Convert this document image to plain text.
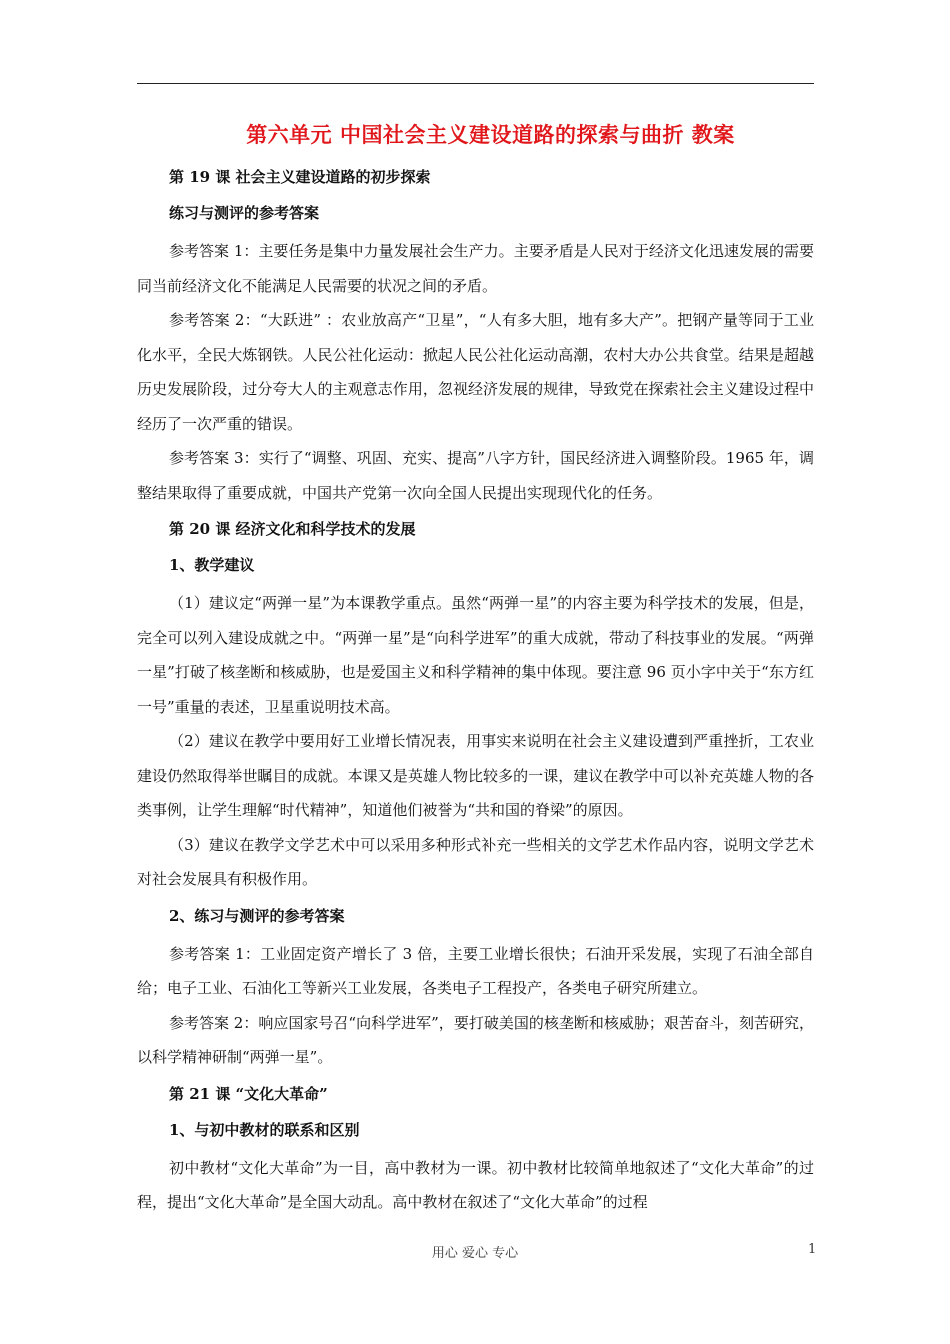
第六单元 中国社会主义建设道路的探索与曲折 教案
第 19 课 社会主义建设道路的初步探索
练习与测评的参考答案

参考答案 1：主要任务是集中力量发展社会生产力。主要矛盾是人民对于经济文化迅速发展的需要同当前经济文化不能满足人民需要的状况之间的矛盾。

参考答案 2：“大跃进” ：农业放高产“卫星”，“人有多大胆，地有多大产”。把钢产量等同于工业化水平，全民大炼钢铁。人民公社化运动：掀起人民公社化运动高潮，农村大办公共食堂。结果是超越历史发展阶段，过分夸大人的主观意志作用，忽视经济发展的规律，导致党在探索社会主义建设过程中经历了一次严重的错误。

参考答案 3：实行了“调整、巩固、充实、提高”八字方针，国民经济进入调整阶段。1965 年，调整结果取得了重要成就，中国共产党第一次向全国人民提出实现现代化的任务。

第 20 课 经济文化和科学技术的发展
1、教学建议

（1）建议定“两弹一星”为本课教学重点。虽然“两弹一星”的内容主要为科学技术的发展，但是，完全可以列入建设成就之中。“两弹一星”是“向科学进军”的重大成就，带动了科技事业的发展。“两弹一星”打破了核垄断和核威胁，也是爱国主义和科学精神的集中体现。要注意 96 页小字中关于“东方红一号”重量的表述，卫星重说明技术高。

（2）建议在教学中要用好工业增长情况表，用事实来说明在社会主义建设遭到严重挫折，工农业建设仍然取得举世瞩目的成就。本课又是英雄人物比较多的一课，建议在教学中可以补充英雄人物的各类事例，让学生理解“时代精神”，知道他们被誉为“共和国的脊梁”的原因。

（3）建议在教学文学艺术中可以采用多种形式补充一些相关的文学艺术作品内容，说明文学艺术对社会发展具有积极作用。

2、练习与测评的参考答案

参考答案 1：工业固定资产增长了 3 倍，主要工业增长很快；石油开采发展，实现了石油全部自给；电子工业、石油化工等新兴工业发展，各类电子工程投产，各类电子研究所建立。

参考答案 2：响应国家号召“向科学进军”，要打破美国的核垄断和核威胁；艰苦奋斗，刻苦研究，以科学精神研制“两弹一星”。

第 21 课 “文化大革命”
1、与初中教材的联系和区别

初中教材“文化大革命”为一目，高中教材为一课。初中教材比较简单地叙述了“文化大革命”的过程，提出“文化大革命”是全国大动乱。高中教材在叙述了“文化大革命”的过程

用心 爱心 专心	1
